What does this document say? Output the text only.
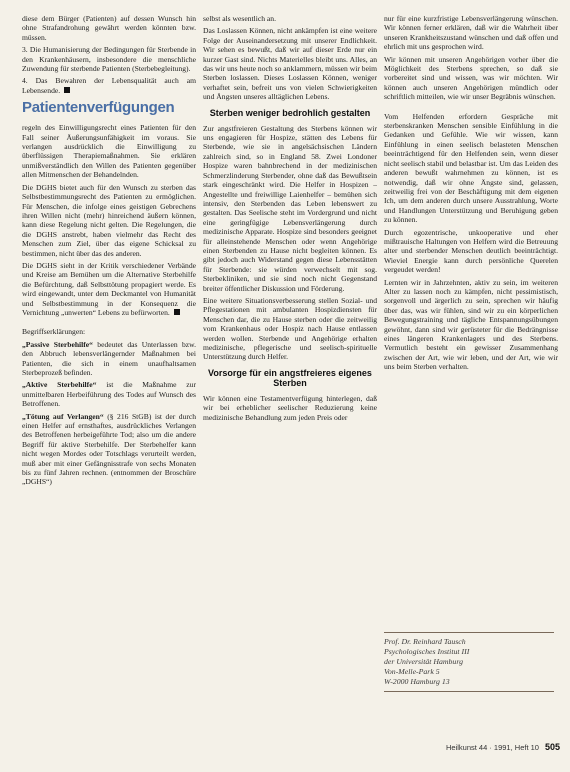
diese dem Bürger (Patienten) auf dessen Wunsch hin ohne Strafandrohung gewährt werden könnten bzw. müssen.

3. Die Humanisierung der Bedingungen für Sterbende in den Krankenhäusern, insbesondere die menschliche Zuwendung für sterbende Patienten (Sterbebegleitung).

4. Das Bewahren der Lebensqualität auch am Lebensende.

Patientenverfügungen

regeln des Einwilligungsrecht eines Patienten für den Fall seiner Äußerungsunfähigkeit im voraus. Sie verlangen ausdrücklich die Einwilligung zu überflüssigen Therapiemaßnahmen. Sie erklären unmißverständlich den Willen des Patienten gegenüber allen Mitmenschen der Behandelnden.

Die DGHS bietet auch für den Wunsch zu sterben das Selbstbestimmungsrecht des Patienten zu ermöglichen. Für Menschen, die infolge eines geistigen Gebrechens ihren Willen nicht (mehr) hinreichend äußern können, kann diese Regelung nicht gelten. Die Regelungen, die die DGHS anstrebt, haben vielmehr das Recht des Menschen zum Ziel, über das eigene Schicksal zu bestimmen, nicht über das des anderen.

Die DGHS sieht in der Kritik verschiedener Verbände und Kreise am Bemühen um die Alternative Sterbehilfe die Befürchtung, daß Selbsttötung propagiert werde. Es wird eingewandt, unter dem Deckmantel von Humanität und Selbstbestimmung in der Konsequenz die Vernichtung „unwerten“ Lebens zu befürworten.

Begriffserklärungen:

„Passive Sterbehilfe“ bedeutet das Unterlassen bzw. den Abbruch lebensverlängernder Maßnahmen bei Patienten, die sich in einem unaufhaltsamen Sterbeprozeß befinden.

„Aktive Sterbehilfe“ ist die Maßnahme zur unmittelbaren Herbeiführung des Todes auf Wunsch des Betroffenen.

„Tötung auf Verlangen“ (§ 216 StGB) ist der durch einen Helfer auf ernsthaftes, ausdrückliches Verlangen des Betroffenen herbeigeführte Tod; also um die andere Begriff für aktive Sterbehilfe. Der Sterbehelfer kann nicht wegen Mordes oder Totschlags verurteilt werden, muß aber mit einer Gefängnisstrafe von sechs Monaten bis zu fünf Jahren rechnen. (entnommen der Broschüre „DGHS“)

selbst als wesentlich an.

Das Loslassen Können, nicht ankämpfen ist eine weitere Folge der Auseinandersetzung mit unserer Endlichkeit. Wir sehen es bewußt, daß wir auf dieser Erde nur ein kurzer Gast sind. Nichts Materielles bleibt uns. Alles, an das wir uns heute noch so anklammern, müssen wir beim Sterben loslassen. Dieses Loslassen Können, weniger verhaftet sein, befreit uns von vielen Schwierigkeiten und Ängsten unseres alltäglichen Lebens.

Sterben weniger bedrohlich gestalten

Zur angstfreieren Gestaltung des Sterbens können wir uns engagieren für Hospize, stätten des Lebens für Sterbende, wie sie in angelsächsischen Ländern zahlreich sind, so in England 58. Zwei Londoner Hospize waren bahnbrechend in der medizinischen Schmerzlinderung Sterbender, ohne daß das Bewußtsein stark eingeschränkt wird. Die Helfer in Hospizen – Angestellte und freiwillige Laienhelfer – bemühen sich intensiv, den Sterbenden das Leben lebenswert zu gestalten. Das Seelische steht im Vordergrund und nicht eine geringfügige Lebensverlängerung durch medizinische Apparate. Hospize sind besonders geeignet für alleinstehende Menschen oder wenn Angehörige einen Sterbenden zu Hause nicht begleiten können. Es gibt jedoch auch Widerstand gegen diese Lebensstätten für Sterbende: sie würden verwechselt mit sog. Sterbekliniken, und sie sind noch nicht Gegenstand breiter öffentlicher Diskussion und Förderung.

Eine weitere Situationsverbesserung stellen Sozial- und Pflegestationen mit ambulanten Hospizdiensten für Menschen dar, die zu Hause sterben oder die zeitweilig vom Krankenhaus oder Hospiz nach Hause entlassen werden wollen. Sterbende und Angehörige erhalten medizinische, pflegerische und seelisch-spirituelle Unterstützung durch Helfer.

Vorsorge für ein angstfreieres eigenes Sterben

Wir können eine Testamentverfügung hinterlegen, daß wir bei erheblicher seelischer Reduzierung keine medizinische Behandlung zum jeden Preis oder

nur für eine kurzfristige Lebensverlängerung wünschen. Wir können ferner erklären, daß wir die Wahrheit über unseren Krankheitszustand wünschen und daß offen und ehrlich mit uns gesprochen wird.

Wir können mit unseren Angehörigen vorher über die Möglichkeit des Sterbens sprechen, so daß sie vorbereitet sind und wissen, was wir möchten. Wir können auch unseren Angehörigen mündlich oder schriftlich mitteilen, wie wir unser Begräbnis wünschen.

Vom Helfenden erfordern Gespräche mit sterbenskranken Menschen sensible Einfühlung in die Gedanken und Gefühle. Wie wir wissen, kann Einfühlung in einen seelisch belasteten Menschen beeinträchtigend für den Helfenden sein, wenn dieser nicht seelisch stabil und belastbar ist. Um das Leiden des anderen bewußt wahrnehmen zu können, ist es notwendig, daß wir ohne Ängste sind, gelassen, zeitweilig frei von der Beschäftigung mit dem eigenen Ich, um dem anderen durch unsere Ausstrahlung, Worte und Handlungen Unterstützung und Beruhigung geben zu können.

Durch egozentrische, unkooperative und eher mißtrauische Haltungen von Helfern wird die Betreuung alter und sterbender Menschen deutlich beeinträchtigt. Wieviel Energie kann durch persönliche Querelen vergeudet werden!

Lernten wir in Jahrzehnten, aktiv zu sein, im weiteren Alter zu lassen noch zu kämpfen, nicht pessimistisch, sorgenvoll und ärgerlich zu sein, sprechen wir häufig über das, was wir fühlen, sind wir zu ein körperlichen Bewegungstraining und tägliche Entspannungsübungen gewöhnt, dann sind wir gerüsteter für die Bedrängnisse eines längeren Krankenlagers und des Sterbens. Vermutlich besteht ein gewisser Zusammenhang zwischen der Art, wie wir leben, und der Art, wie wir uns beim Sterben verhalten.

Prof. Dr. Reinhard Tausch
Psychologisches Institut III
der Universität Hamburg
Von-Melle-Park 5
W-2000 Hamburg 13
Heilkunst 44 · 1991, Heft 10 505
